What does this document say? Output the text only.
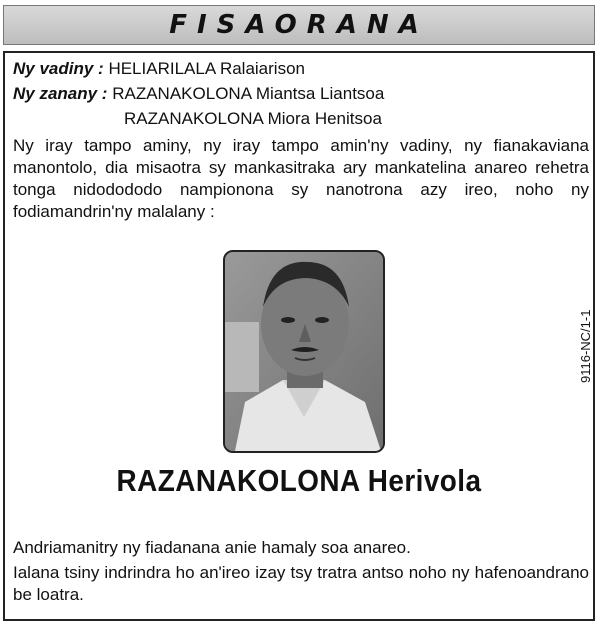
FISAORANA
Ny vadiny : HELIARILALA Ralaiarison
Ny zanany : RAZANAKOLONA Miantsa Liantsoa
RAZANAKOLONA Miora Henitsoa
Ny iray tampo aminy, ny iray tampo amin'ny vadiny, ny fianakaviana manontolo, dia misaotra sy mankasitraka ary mankatelina anareo rehetra tonga nidodododo nampionona sy nanotrona azy ireo, noho ny fodiamandrin'ny malalany :
RAZANAKOLONA Herivola
Andriamanitry ny fiadanana anie hamaly soa anareo.
Ialana tsiny indrindra ho an'ireo izay tsy tratra antso noho ny hafenoandrano be loatra.
9116-NC/1-1
